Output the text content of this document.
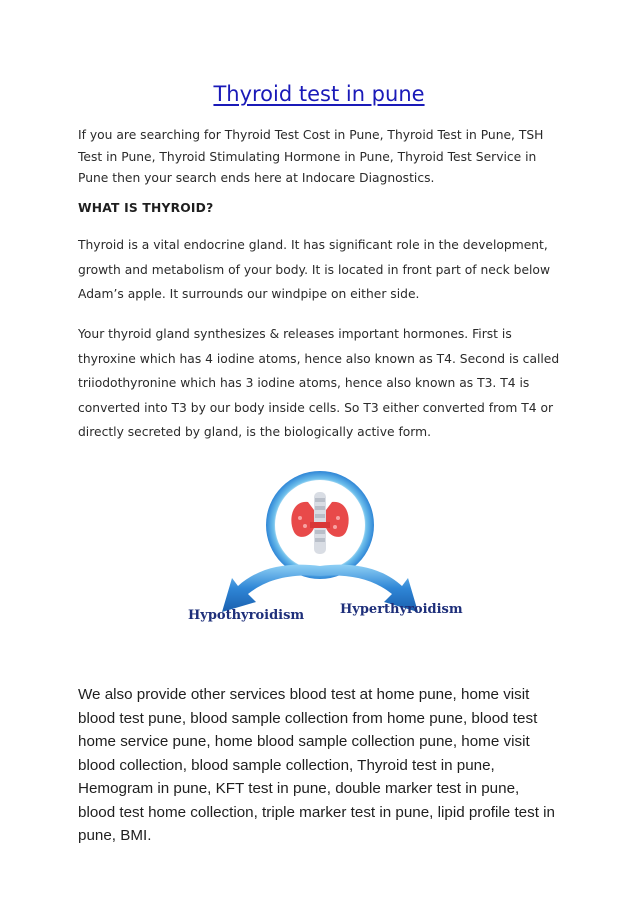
Thyroid test in pune

If you are searching for Thyroid Test Cost in Pune, Thyroid Test in Pune, TSH Test in Pune, Thyroid Stimulating Hormone in Pune, Thyroid Test Service in Pune then your search ends here at Indocare Diagnostics.

WHAT IS THYROID?

Thyroid is a vital endocrine gland. It has significant role in the development, growth and metabolism of your body. It is located in front part of neck below Adam’s apple. It surrounds our windpipe on either side.

Your thyroid gland synthesizes & releases important hormones. First is thyroxine which has 4 iodine atoms, hence also known as T4. Second is called triiodothyronine which has 3 iodine atoms, hence also known as T3. T4 is converted into T3 by our body inside cells. So T3 either converted from T4 or directly secreted by gland, is the biologically active form.

Hypothyroidism	Hyperthyroidism

We also provide other services blood test at home pune, home visit blood test pune, blood sample collection from home pune, blood test home service pune, home blood sample collection pune, home visit blood collection, blood sample collection, Thyroid test in pune, Hemogram in pune, KFT test in pune, double marker test in pune, blood test home collection, triple marker test in pune, lipid profile test in pune, BMI.
